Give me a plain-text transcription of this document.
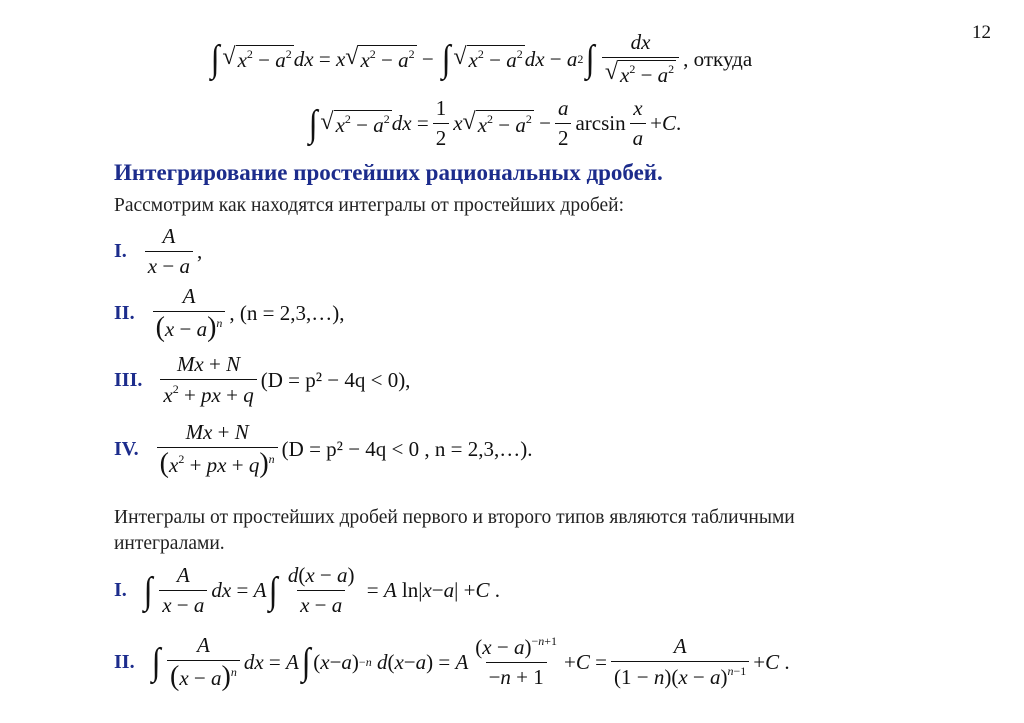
12
∫ √ $x^2 - a^2$ dx = x √ $x^2 - a^2$ − ∫ √ $x^2 - a^2$ dx − a 2 ∫ $\frac{dx}{√ x^2 - a^2}$ , откуда
∫ √ $x^2 - a^2$ dx = $\frac{1}{2}$ x √ $x^2 - a^2 - \frac{a}{2}$ $\arcsin \frac{x}{a} + C$ .
Интегрирование простейших рациональных дробей.
Рассмотрим как находятся интегралы от простейших дробей:
I. $\frac{A}{x - a}$ ,
II. $\frac{A}{(x - a)^n}$ , (n = 2,3,…),
III. $\frac{Mx + N}{x^2 + px + q} (D = p^2 - 4q < 0)$,
IV. $\frac{Mx + N}{(x^2 + px + q)^n} (D = p^2 - 4q < 0$ , n = 2,3,…).
Интегралы от простейших дробей первого и второго типов являются табличными
интегралами.
I. ∫ $\frac{A}{x - a}$ dx = A ∫ $\frac{d(x - a)}{x - a} = A$ ln| x − a | + C .
II. ∫ $\frac{A}{(x - a)^n}$ dx = A ∫ ( x − a ) −n
d ( x − a ) = A $\frac{(x - a)^{-n+1}}{-n + 1} + C = \frac{A}{(1 - n)(x - a)^{n-1}} + C$ .
